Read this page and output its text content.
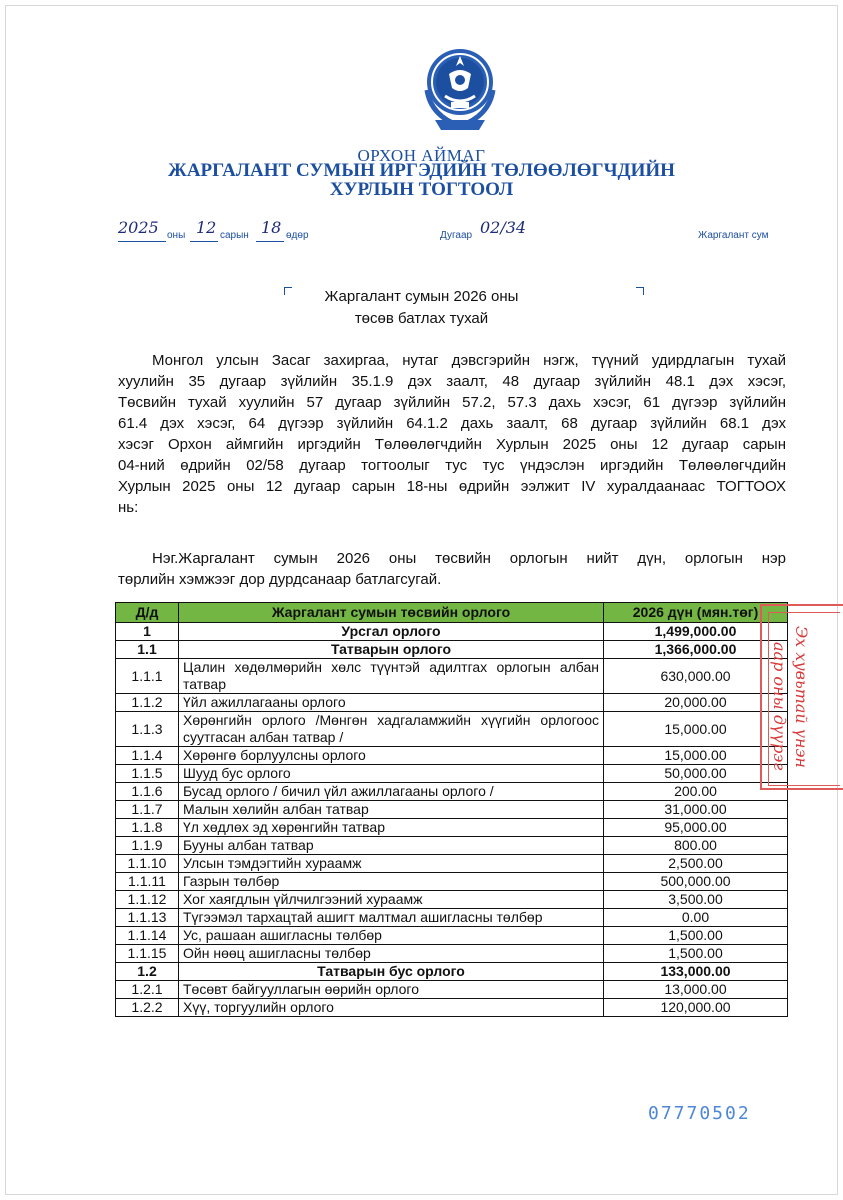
ОРХОН АЙМАГ
ЖАРГАЛАНТ СУМЫН ИРГЭДИЙН ТӨЛӨӨЛӨГЧДИЙН
ХУРЛЫН ТОГТООЛ
2025 оны 12 сарын 18 өдөр	Дугаар 02/34	Жаргалант сум
Жаргалант сумын 2026 оны
төсөв батлах тухай
Монгол улсын Засаг захиргаа, нутаг дэвсгэрийн нэгж, түүний удирдлагын тухай
хуулийн 35 дугаар зүйлийн 35.1.9 дэх заалт, 48 дугаар зүйлийн 48.1 дэх хэсэг,
Төсвийн тухай хуулийн 57 дугаар зүйлийн 57.2, 57.3 дахь хэсэг, 61 дүгээр зүйлийн
61.4 дэх хэсэг, 64 дүгээр зүйлийн 64.1.2 дахь заалт, 68 дугаар зүйлийн 68.1 дэх
хэсэг Орхон аймгийн иргэдийн Төлөөлөгчдийн Хурлын 2025 оны 12 дугаар сарын
04-ний өдрийн 02/58 дугаар тогтоолыг тус тус үндэслэн иргэдийн Төлөөлөгчдийн
Хурлын 2025 оны 12 дугаар сарын 18-ны өдрийн ээлжит IV хуралдаанаас ТОГТООХ
нь:
Нэг.Жаргалант сумын 2026 оны төсвийн орлогын нийт дүн, орлогын нэр
төрлийн хэмжээг дор дурдсанаар батлагсугай.
Д/д	Жаргалант сумын төсвийн орлого	2026 дүн (мян.төг)
1	Урсгал орлого	1,499,000.00
1.1	Татварын орлого	1,366,000.00
1.1.1	Цалин хөдөлмөрийн хөлс түүнтэй адилтгах орлогын албан татвар	630,000.00
1.1.2	Үйл ажиллагааны орлого	20,000.00
1.1.3	Хөрөнгийн орлого /Мөнгөн хадгаламжийн хүүгийн орлогоос суутгасан албан татвар /	15,000.00
1.1.4	Хөрөнгө борлуулсны орлого	15,000.00
1.1.5	Шууд бус орлого	50,000.00
1.1.6	Бусад орлого / бичил үйл ажиллагааны орлого /	200.00
1.1.7	Малын хөлийн албан татвар	31,000.00
1.1.8	Үл хөдлөх эд хөрөнгийн татвар	95,000.00
1.1.9	Бууны албан татвар	800.00
1.1.10	Улсын тэмдэгтийн хураамж	2,500.00
1.1.11	Газрын төлбөр	500,000.00
1.1.12	Хог хаягдлын үйлчилгээний хураамж	3,500.00
1.1.13	Түгээмэл тархацтай ашигт малтмал ашигласны төлбөр	0.00
1.1.14	Ус, рашаан ашигласны төлбөр	1,500.00
1.1.15	Ойн нөөц ашигласны төлбөр	1,500.00
1.2	Татварын бус орлого	133,000.00
1.2.1	Төсөвт байгууллагын өөрийн орлого	13,000.00
1.2.2	Хүү, торгуулийн орлого	120,000.00
Эх хувьтай үнэн
аар оны дүүрэг
07770502
